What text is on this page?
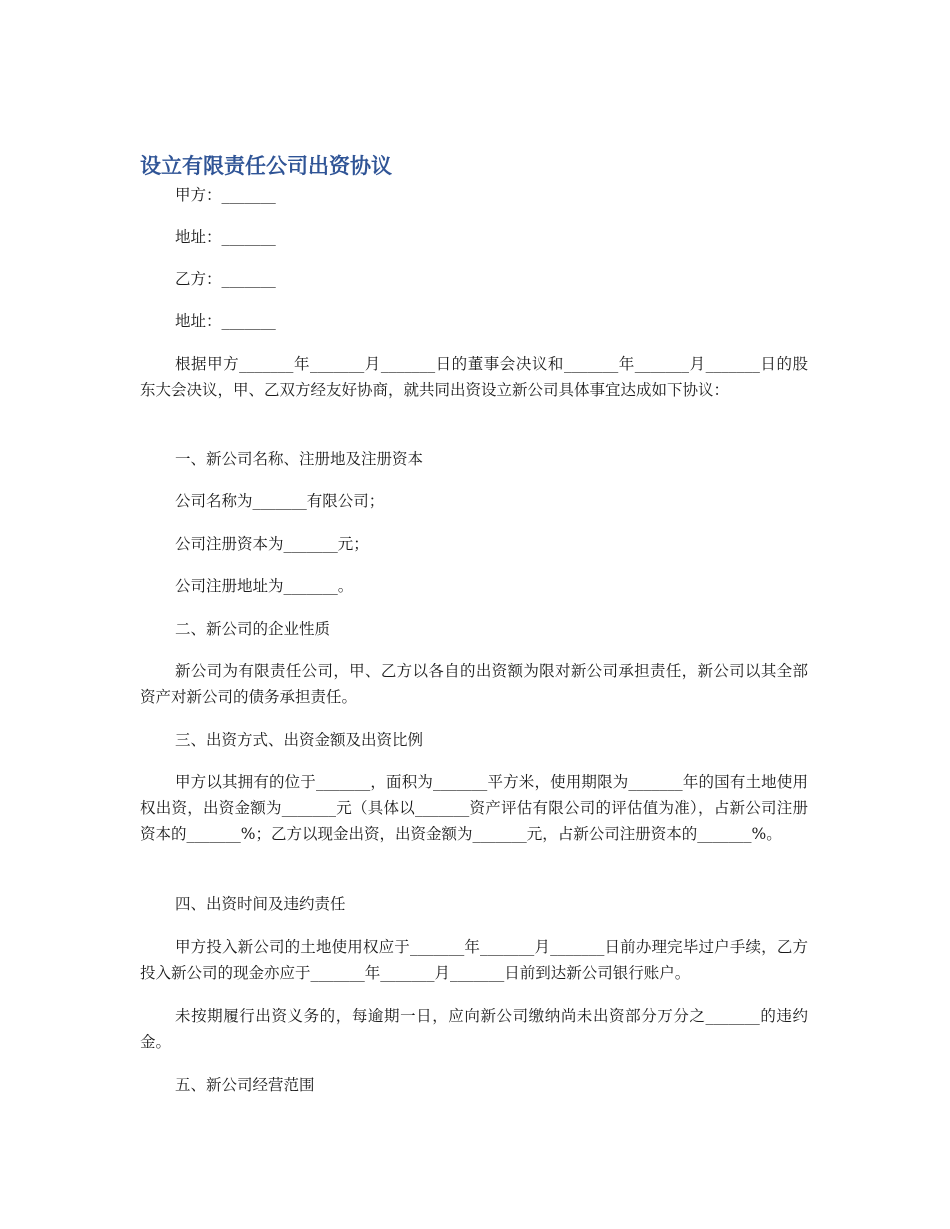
设立有限责任公司出资协议

甲方：_______

地址：_______

乙方：_______

地址：_______

根据甲方_______年_______月_______日的董事会决议和_______年_______月_______日的股东大会决议，甲、乙双方经友好协商，就共同出资设立新公司具体事宜达成如下协议：

一、新公司名称、注册地及注册资本

公司名称为_______有限公司；

公司注册资本为_______元；

公司注册地址为_______。

二、新公司的企业性质

新公司为有限责任公司，甲、乙方以各自的出资额为限对新公司承担责任，新公司以其全部资产对新公司的债务承担责任。

三、出资方式、出资金额及出资比例

甲方以其拥有的位于_______，面积为_______平方米，使用期限为_______年的国有土地使用权出资，出资金额为_______元（具体以_______资产评估有限公司的评估值为准），占新公司注册资本的_______%；乙方以现金出资，出资金额为_______元，占新公司注册资本的_______%。

四、出资时间及违约责任

甲方投入新公司的土地使用权应于_______年_______月_______日前办理完毕过户手续，乙方投入新公司的现金亦应于_______年_______月_______日前到达新公司银行账户。

未按期履行出资义务的，每逾期一日，应向新公司缴纳尚未出资部分万分之_______的违约金。

五、新公司经营范围
